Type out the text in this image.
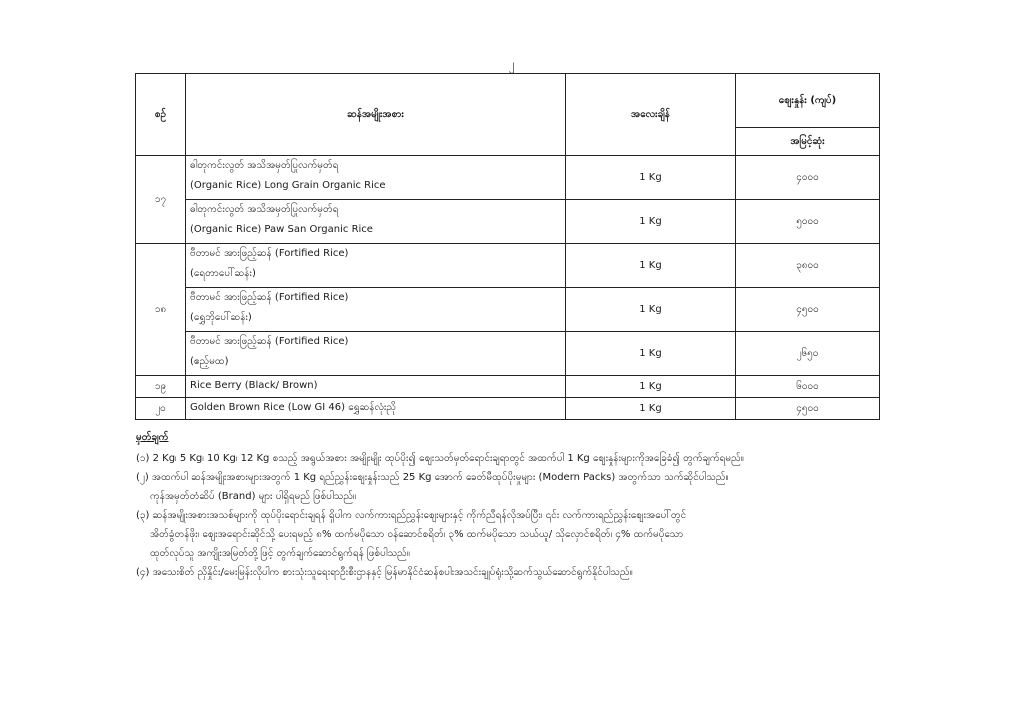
၂
စဉ်	ဆန်အမျိုးအစား	အလေးချိန်	စျေးနှုန်း (ကျပ်)
			အမြင့်ဆုံး
၁၇	ဓါတုကင်းလွတ် အသိအမှတ်ပြုလက်မှတ်ရ
(Organic Rice) Long Grain Organic Rice	1 Kg	၄၀၀၀

	ဓါတုကင်းလွတ် အသိအမှတ်ပြုလက်မှတ်ရ
(Organic Rice) Paw San Organic Rice	1 Kg	၅၀၀၀
၁၈	ဗီတာမင် အားဖြည့်ဆန် (Fortified Rice)
(ရေတာပေါ်ဆန်း)	1 Kg	၃၈၀၀

	ဗီတာမင် အားဖြည့်ဆန် (Fortified Rice)
(ရွှေဘိုပေါ်ဆန်း)	1 Kg	၄၅၀၀

	ဗီတာမင် အားဖြည့်ဆန် (Fortified Rice)
(ဧည့်မထ)	1 Kg	၂၆၅၀
၁၉	Rice Berry (Black/ Brown)	1 Kg	၆၀၀၀
၂၀	Golden Brown Rice (Low GI 46) ရွှေဆန်လုံးညို	1 Kg	၄၅၀၀
မှတ်ချက်
(၁) 2 Kg၊ 5 Kg၊ 10 Kg၊ 12 Kg စသည့် အရွယ်အစား အမျိုးမျိုး ထုပ်ပိုး၍ စျေးသတ်မှတ်ရောင်းချရာတွင် အထက်ပါ 1 Kg စျေးနှုန်းများကိုအခြေခံ၍ တွက်ချက်ရမည်။
(၂) အထက်ပါ ဆန်အမျိုးအစားများအတွက် 1 Kg ရည်ညွှန်းစျေးနှုန်းသည် 25 Kg အောက် ခေတ်မီထုပ်ပိုးမှုများ (Modern Packs) အတွက်သာ သက်ဆိုင်ပါသည်။
ကုန်အမှတ်တံဆိပ် (Brand) များ ပါရှိရမည် ဖြစ်ပါသည်။
(၃) ဆန်အမျိုးအစားအသစ်များကို ထုပ်ပိုးရောင်းချရန် ရှိပါက လက်ကားရည်ညွှန်းစျေးများနှင့် ကိုက်ညီရန်လိုအပ်ပြီး၊ ၎င်း လက်ကားရည်ညွှန်းစျေးအပေါ်တွင်
အိတ်ခွံတန်ဖိုး၊ စျေးအရောင်းဆိုင်သို့ ပေးရမည့် ၈% ထက်မပိုသော ဝန်ဆောင်စရိတ်၊ ၃% ထက်မပိုသော သယ်ယူ/ သိုလှောင်စရိတ်၊ ၄% ထက်မပိုသော
ထုတ်လုပ်သူ အကျိုးအမြတ်တို့ဖြင့် တွက်ချက်ဆောင်ရွက်ရန် ဖြစ်ပါသည်။
(၄) အသေးစိတ် ညှိနှိုင်း/မေးမြန်းလိုပါက စားသုံးသူရေးရာဦးစီးဌာနနှင့် မြန်မာနိုင်ငံဆန်စပါးအသင်းချုပ်ရုံးသို့ဆက်သွယ်ဆောင်ရွက်နိုင်ပါသည်။
